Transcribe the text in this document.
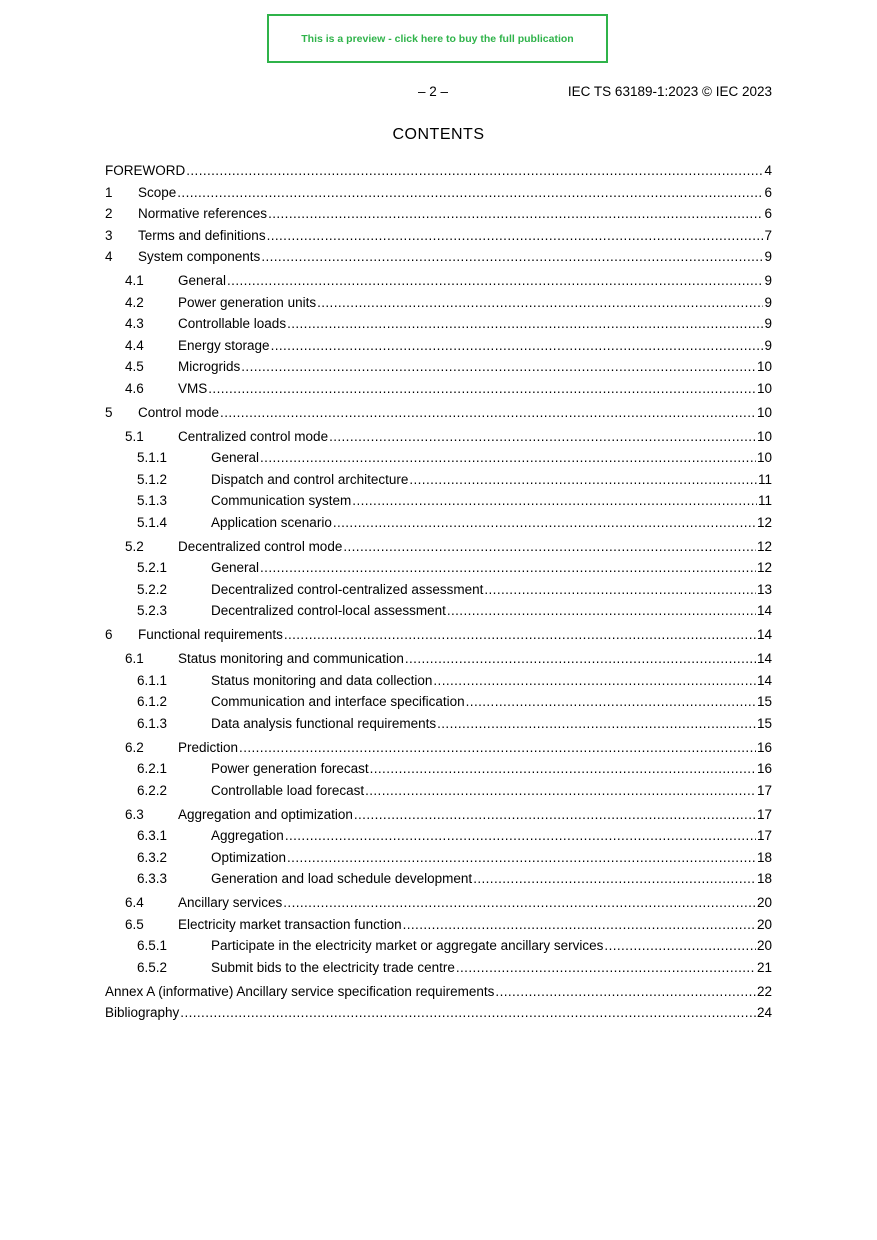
This is a preview - click here to buy the full publication
– 2 –	IEC TS 63189-1:2023 © IEC 2023
CONTENTS
FOREWORD .....	4
1	Scope .....	6
2	Normative references .....	6
3	Terms and definitions .....	7
4	System components .....	9
4.1	General .....	9
4.2	Power generation units .....	9
4.3	Controllable loads .....	9
4.4	Energy storage .....	9
4.5	Microgrids .....	10
4.6	VMS .....	10
5	Control mode .....	10
5.1	Centralized control mode .....	10
5.1.1	General .....	10
5.1.2	Dispatch and control architecture .....	11
5.1.3	Communication system .....	11
5.1.4	Application scenario .....	12
5.2	Decentralized control mode .....	12
5.2.1	General .....	12
5.2.2	Decentralized control-centralized assessment .....	13
5.2.3	Decentralized control-local assessment .....	14
6	Functional requirements .....	14
6.1	Status monitoring and communication .....	14
6.1.1	Status monitoring and data collection .....	14
6.1.2	Communication and interface specification .....	15
6.1.3	Data analysis functional requirements .....	15
6.2	Prediction .....	16
6.2.1	Power generation forecast .....	16
6.2.2	Controllable load forecast .....	17
6.3	Aggregation and optimization .....	17
6.3.1	Aggregation .....	17
6.3.2	Optimization .....	18
6.3.3	Generation and load schedule development .....	18
6.4	Ancillary services .....	20
6.5	Electricity market transaction function .....	20
6.5.1	Participate in the electricity market or aggregate ancillary services .....	20
6.5.2	Submit bids to the electricity trade centre .....	21
Annex A (informative) Ancillary service specification requirements .....	22
Bibliography .....	24
